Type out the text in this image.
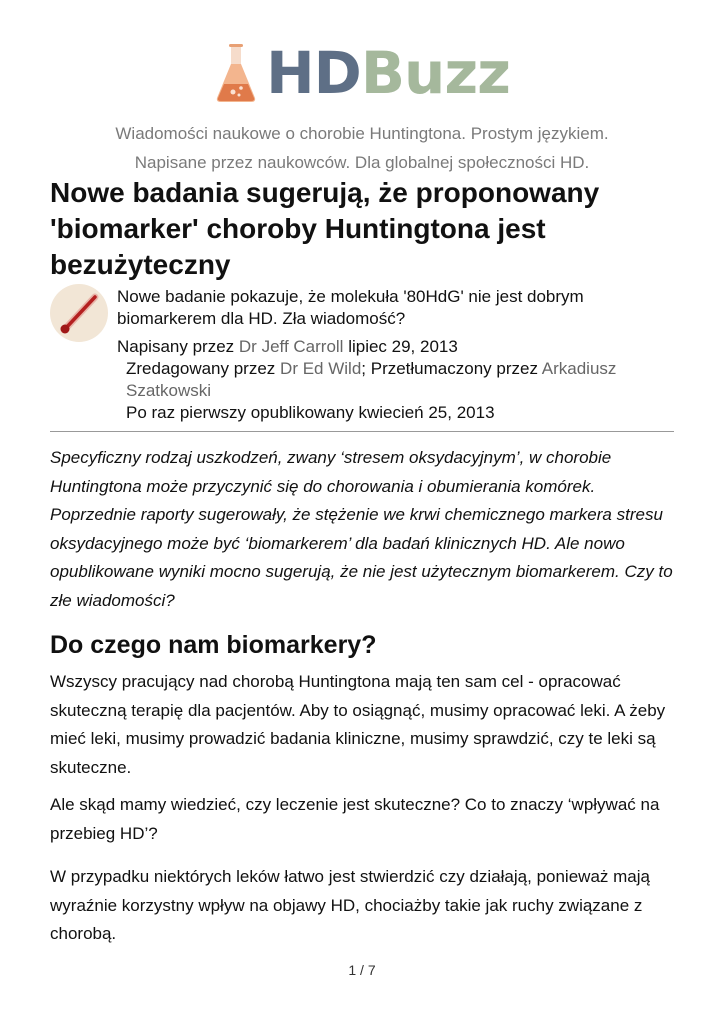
HDBuzz
Wiadomości naukowe o chorobie Huntingtona. Prostym językiem.
Napisane przez naukowców. Dla globalnej społeczności HD.
Nowe badania sugerują, że proponowany 'biomarker' choroby Huntingtona jest bezużyteczny
Nowe badanie pokazuje, że molekuła '80HdG' nie jest dobrym biomarkerem dla HD. Zła wiadomość?
Napisany przez Dr Jeff Carroll lipiec 29, 2013
Zredagowany przez Dr Ed Wild; Przetłumaczony przez Arkadiusz Szatkowski
Po raz pierwszy opublikowany kwiecień 25, 2013
Specyficzny rodzaj uszkodzeń, zwany ‘stresem oksydacyjnym’, w chorobie Huntingtona może przyczynić się do chorowania i obumierania komórek. Poprzednie raporty sugerowały, że stężenie we krwi chemicznego markera stresu oksydacyjnego może być ‘biomarkerem’ dla badań klinicznych HD. Ale nowo opublikowane wyniki mocno sugerują, że nie jest użytecznym biomarkerem. Czy to złe wiadomości?
Do czego nam biomarkery?

Wszyscy pracujący nad chorobą Huntingtona mają ten sam cel - opracować skuteczną terapię dla pacjentów. Aby to osiągnąć, musimy opracować leki. A żeby mieć leki, musimy prowadzić badania kliniczne, musimy sprawdzić, czy te leki są skuteczne.

Ale skąd mamy wiedzieć, czy leczenie jest skuteczne? Co to znaczy ‘wpływać na przebieg HD’?

W przypadku niektórych leków łatwo jest stwierdzić czy działają, ponieważ mają wyraźnie korzystny wpływ na objawy HD, chociażby takie jak ruchy związane z chorobą.

1 / 7
